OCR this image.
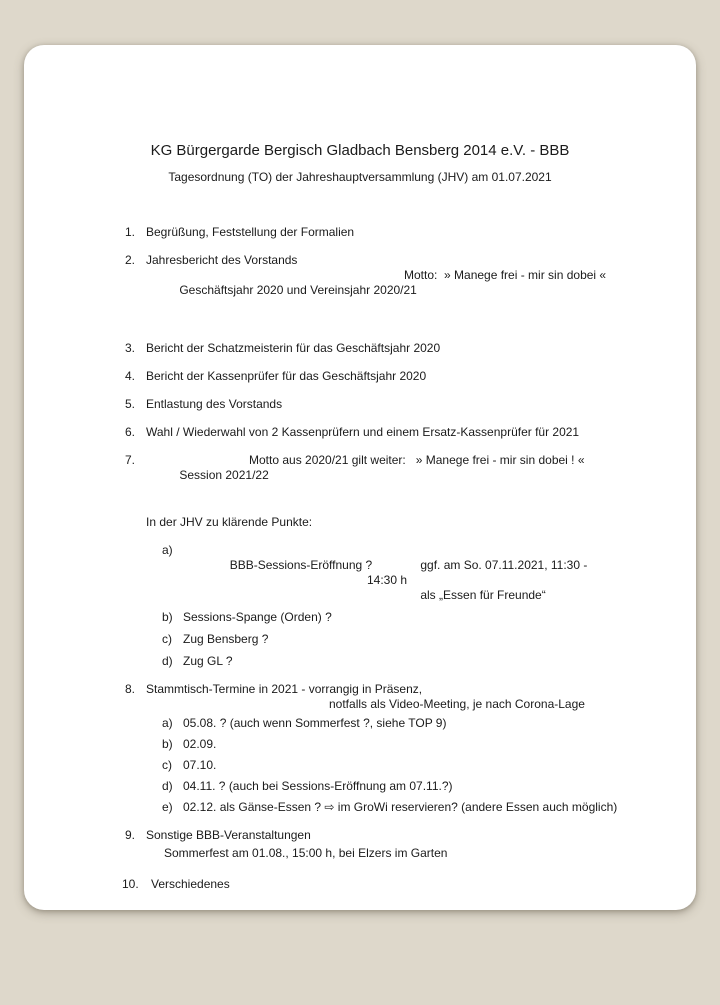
KG Bürgergarde Bergisch Gladbach Bensberg 2014 e.V. - BBB
Tagesordnung (TO) der Jahreshauptversammlung (JHV) am 01.07.2021
1. Begrüßung, Feststellung der Formalien
2. Jahresbericht des Vorstands

Geschäftsjahr 2020 und Vereinsjahr 2020/21

Motto:  » Manege frei - mir sin dobei «

3. Bericht der Schatzmeisterin für das Geschäftsjahr 2020
4. Bericht der Kassenprüfer für das Geschäftsjahr 2020
5. Entlastung des Vorstands
6. Wahl / Wiederwahl von 2 Kassenprüfern und einem Ersatz-Kassenprüfer für 2021
7.

Session 2021/22

Motto aus 2020/21 gilt weiter:   » Manege frei - mir sin dobei ! «

In der JHV zu klärende Punkte:
a)

BBB-Sessions-Eröffnung ?
	ggf. am So. 07.11.2021, 11:30 - 14:30 h
als „Essen für Freunde“

b) Sessions-Spange (Orden) ?
c) Zug Bensberg ?
d) Zug GL ?
8. Stammtisch-Termine in 2021 - vorrangig in Präsenz,
notfalls als Video-Meeting, je nach Corona-Lage
a) 05.08. ? (auch wenn Sommerfest ?, siehe TOP 9)
b) 02.09.
c) 07.10.
d) 04.11. ? (auch bei Sessions-Eröffnung am 07.11.?)
e) 02.12. als Gänse-Essen ? ⇨ im GroWi reservieren? (andere Essen auch möglich)
9. Sonstige BBB-Veranstaltungen
Sommerfest am 01.08., 15:00 h, bei Elzers im Garten
10.	Verschiedenes
